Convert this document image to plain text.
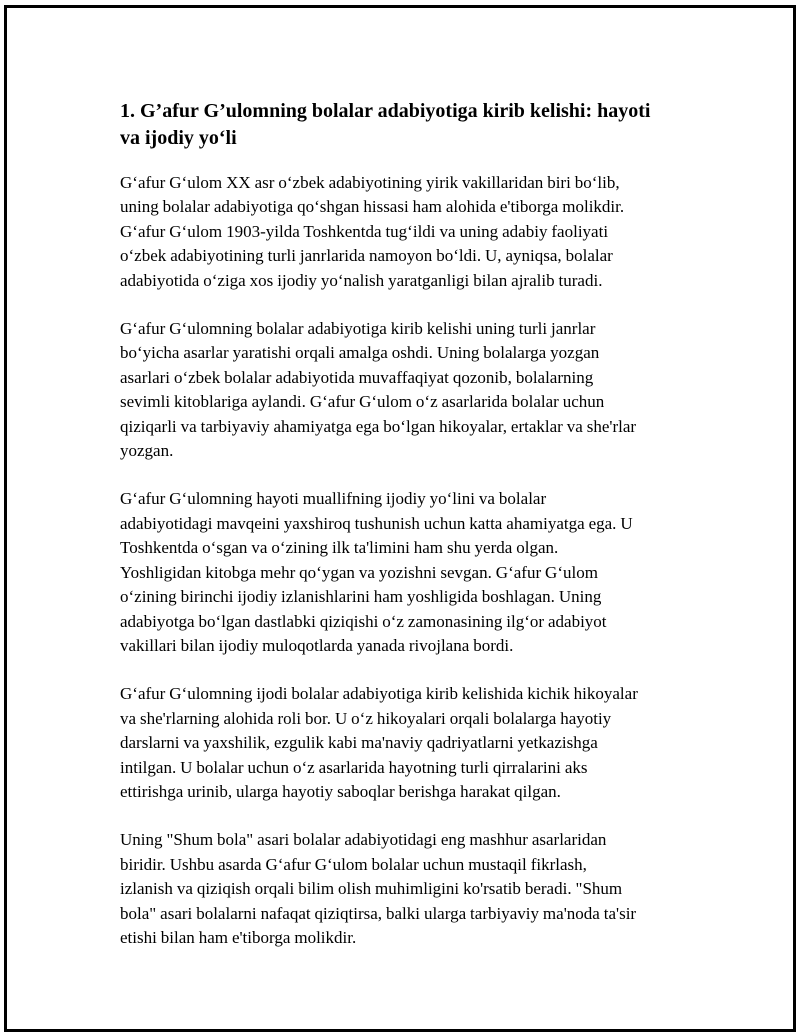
1. G’afur G’ulomning bolalar adabiyotiga kirib kelishi: hayoti
va ijodiy yo‘li

G‘afur G‘ulom XX asr o‘zbek adabiyotining yirik vakillaridan biri bo‘lib,
uning bolalar adabiyotiga qo‘shgan hissasi ham alohida e'tiborga molikdir.
G‘afur G‘ulom 1903-yilda Toshkentda tug‘ildi va uning adabiy faoliyati
o‘zbek adabiyotining turli janrlarida namoyon bo‘ldi. U, ayniqsa, bolalar
adabiyotida o‘ziga xos ijodiy yo‘nalish yaratganligi bilan ajralib turadi.

G‘afur G‘ulomning bolalar adabiyotiga kirib kelishi uning turli janrlar
bo‘yicha asarlar yaratishi orqali amalga oshdi. Uning bolalarga yozgan
asarlari o‘zbek bolalar adabiyotida muvaffaqiyat qozonib, bolalarning
sevimli kitoblariga aylandi. G‘afur G‘ulom o‘z asarlarida bolalar uchun
qiziqarli va tarbiyaviy ahamiyatga ega bo‘lgan hikoyalar, ertaklar va she'rlar
yozgan.

G‘afur G‘ulomning hayoti muallifning ijodiy yo‘lini va bolalar
adabiyotidagi mavqeini yaxshiroq tushunish uchun katta ahamiyatga ega. U
Toshkentda o‘sgan va o‘zining ilk ta'limini ham shu yerda olgan.
Yoshligidan kitobga mehr qo‘ygan va yozishni sevgan. G‘afur G‘ulom
o‘zining birinchi ijodiy izlanishlarini ham yoshligida boshlagan. Uning
adabiyotga bo‘lgan dastlabki qiziqishi o‘z zamonasining ilg‘or adabiyot
vakillari bilan ijodiy muloqotlarda yanada rivojlana bordi.

G‘afur G‘ulomning ijodi bolalar adabiyotiga kirib kelishida kichik hikoyalar
va she'rlarning alohida roli bor. U o‘z hikoyalari orqali bolalarga hayotiy
darslarni va yaxshilik, ezgulik kabi ma'naviy qadriyatlarni yetkazishga
intilgan. U bolalar uchun o‘z asarlarida hayotning turli qirralarini aks
ettirishga urinib, ularga hayotiy saboqlar berishga harakat qilgan.

Uning "Shum bola" asari bolalar adabiyotidagi eng mashhur asarlaridan
biridir. Ushbu asarda G‘afur G‘ulom bolalar uchun mustaqil fikrlash,
izlanish va qiziqish orqali bilim olish muhimligini ko'rsatib beradi. "Shum
bola" asari bolalarni nafaqat qiziqtirsa, balki ularga tarbiyaviy ma'noda ta'sir
etishi bilan ham e'tiborga molikdir.
